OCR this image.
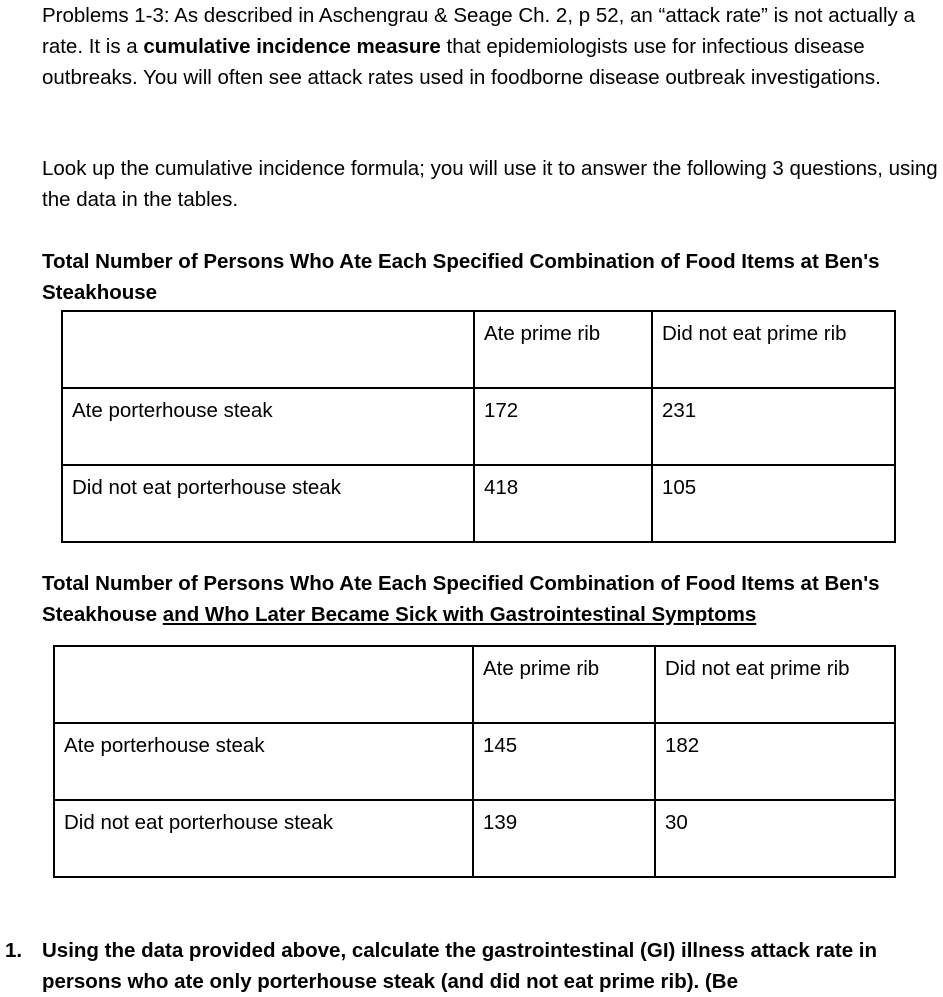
Problems 1-3: As described in Aschengrau & Seage Ch. 2, p 52, an “attack rate” is not actually a rate. It is a cumulative incidence measure that epidemiologists use for infectious disease outbreaks. You will often see attack rates used in foodborne disease outbreak investigations.

Look up the cumulative incidence formula; you will use it to answer the following 3 questions, using the data in the tables.

Total Number of Persons Who Ate Each Specified Combination of Food Items at Ben's Steakhouse

	Ate prime rib	Did not eat prime rib
Ate porterhouse steak	172	231
Did not eat porterhouse steak	418	105

Total Number of Persons Who Ate Each Specified Combination of Food Items at Ben's Steakhouse and Who Later Became Sick with Gastrointestinal Symptoms

	Ate prime rib	Did not eat prime rib
Ate porterhouse steak	145	182
Did not eat porterhouse steak	139	30
1. Using the data provided above, calculate the gastrointestinal (GI) illness attack rate in persons who ate only porterhouse steak (and did not eat prime rib). (Be
